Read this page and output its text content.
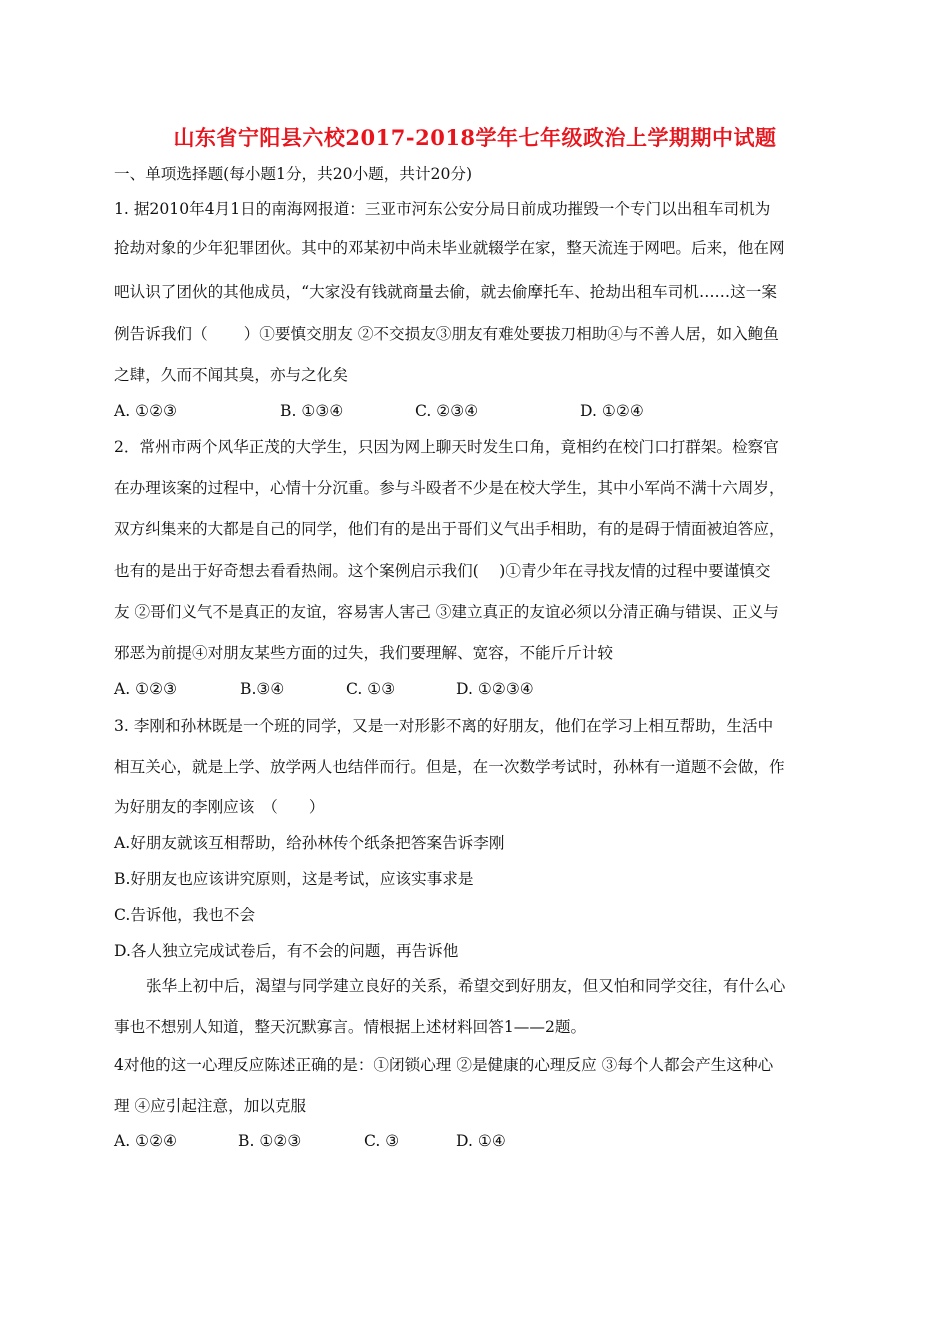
山东省宁阳县六校2017-2018学年七年级政治上学期期中试题
一、单项选择题(每小题1分，共20小题，共计20分)
1. 据2010年4月1日的南海网报道：三亚市河东公安分局日前成功摧毁一个专门以出租车司机为
抢劫对象的少年犯罪团伙。其中的邓某初中尚未毕业就辍学在家，整天流连于网吧。后来，他在网
吧认识了团伙的其他成员，“大家没有钱就商量去偷，就去偷摩托车、抢劫出租车司机……这一案
例告诉我们（　　 ）①要慎交朋友 ②不交损友③朋友有难处要拔刀相助④与不善人居，如入鲍鱼
之肆，久而不闻其臭，亦与之化矣
A. ①②③	B. ①③④	C. ②③④	D. ①②④
2．常州市两个风华正茂的大学生，只因为网上聊天时发生口角，竟相约在校门口打群架。检察官
在办理该案的过程中，心情十分沉重。参与斗殴者不少是在校大学生，其中小军尚不满十六周岁，
双方纠集来的大都是自己的同学，他们有的是出于哥们义气出手相助，有的是碍于情面被迫答应，
也有的是出于好奇想去看看热闹。这个案例启示我们(　 )①青少年在寻找友情的过程中要谨慎交
友 ②哥们义气不是真正的友谊，容易害人害己 ③建立真正的友谊必须以分清正确与错误、正义与
邪恶为前提④对朋友某些方面的过失，我们要理解、宽容，不能斤斤计较
A. ①②③	B.③④	C. ①③	D. ①②③④
3. 李刚和孙林既是一个班的同学，又是一对形影不离的好朋友，他们在学习上相互帮助，生活中
相互关心，就是上学、放学两人也结伴而行。但是，在一次数学考试时，孙林有一道题不会做，作
为好朋友的李刚应该　（　　）
A.好朋友就该互相帮助，给孙林传个纸条把答案告诉李刚
B.好朋友也应该讲究原则，这是考试，应该实事求是
C.告诉他，我也不会
D.各人独立完成试卷后，有不会的问题，再告诉他
张华上初中后，渴望与同学建立良好的关系，希望交到好朋友，但又怕和同学交往，有什么心
事也不想别人知道，整天沉默寡言。情根据上述材料回答1——2题。
4对他的这一心理反应陈述正确的是：①闭锁心理 ②是健康的心理反应 ③每个人都会产生这种心
理 ④应引起注意，加以克服
A. ①②④	B. ①②③	C. ③	D. ①④
